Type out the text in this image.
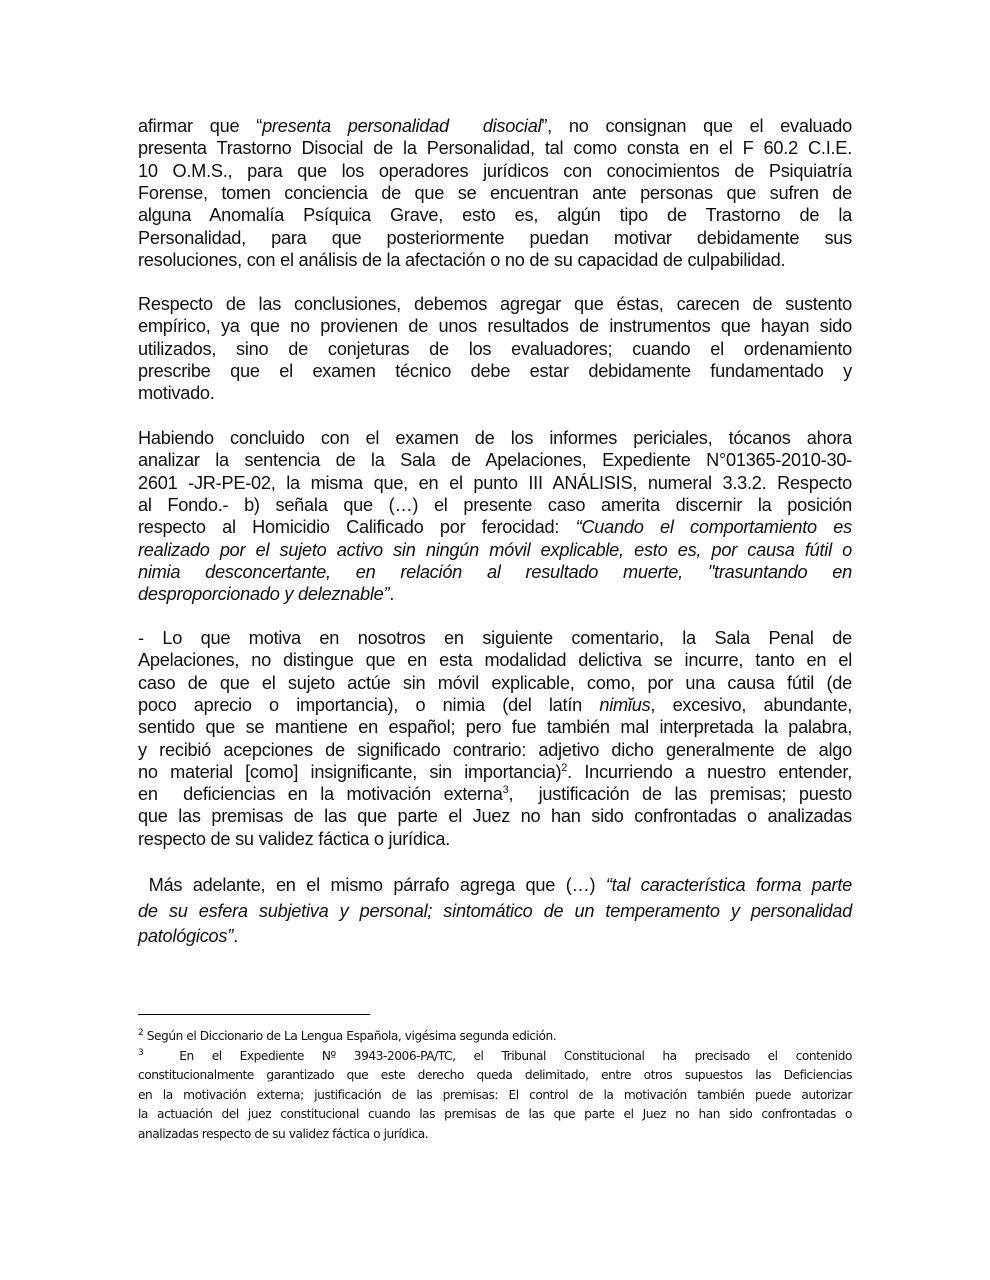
afirmar que “presenta personalidad  disocial”, no consignan que el evaluado
presenta Trastorno Disocial de la Personalidad, tal como consta en el F 60.2 C.I.E.
10 O.M.S., para que los operadores jurídicos con conocimientos de Psiquiatría
Forense, tomen conciencia de que se encuentran ante personas que sufren de
alguna Anomalía Psíquica Grave, esto es, algún tipo de Trastorno de la
Personalidad, para que posteriormente puedan motivar debidamente sus
resoluciones, con el análisis de la afectación o no de su capacidad de culpabilidad.
Respecto de las conclusiones, debemos agregar que éstas, carecen de sustento
empírico, ya que no provienen de unos resultados de instrumentos que hayan sido
utilizados, sino de conjeturas de los evaluadores; cuando el ordenamiento
prescribe que el examen técnico debe estar debidamente fundamentado y
motivado.
Habiendo concluido con el examen de los informes periciales, tócanos ahora
analizar la sentencia de la Sala de Apelaciones, Expediente N°01365-2010-30-
2601 -JR-PE-02, la misma que, en el punto III ANÁLISIS, numeral 3.3.2. Respecto
al Fondo.- b) señala que (…) el presente caso amerita discernir la posición
respecto al Homicidio Calificado por ferocidad: “Cuando el comportamiento es
realizado por el sujeto activo sin ningún móvil explicable, esto es, por causa fútil o
nimia desconcertante, en relación al resultado muerte, "trasuntando en
desproporcionado y deleznable”.
- Lo que motiva en nosotros en siguiente comentario, la Sala Penal de
Apelaciones, no distingue que en esta modalidad delictiva se incurre, tanto en el
caso de que el sujeto actúe sin móvil explicable, como, por una causa fútil (de
poco aprecio o importancia), o nimia (del latín nimĭus, excesivo, abundante,
sentido que se mantiene en español; pero fue también mal interpretada la palabra,
y recibió acepciones de significado contrario: adjetivo dicho generalmente de algo
no material [como] insignificante, sin importancia)$^2$. Incurriendo a nuestro entender,
en  deficiencias en la motivación externa$^3$,  justificación de las premisas; puesto
que las premisas de las que parte el Juez no han sido confrontadas o analizadas
respecto de su validez fáctica o jurídica.
Más adelante, en el mismo párrafo agrega que (…) “tal característica forma parte
de su esfera subjetiva y personal; sintomático de un temperamento y personalidad
patológicos”.
$^2$ Según el Diccionario de La Lengua Española, vigésima segunda edición.
$^3$  En el Expediente Nº 3943-2006-PA/TC, el Tribunal Constitucional ha precisado el contenido
constitucionalmente garantizado que este derecho queda delimitado, entre otros supuestos las Deficiencias
en la motivación externa; justificación de las premisas: El control de la motivación también puede autorizar
la actuación del juez constitucional cuando las premisas de las que parte el Juez no han sido confrontadas o
analizadas respecto de su validez fáctica o jurídica.
